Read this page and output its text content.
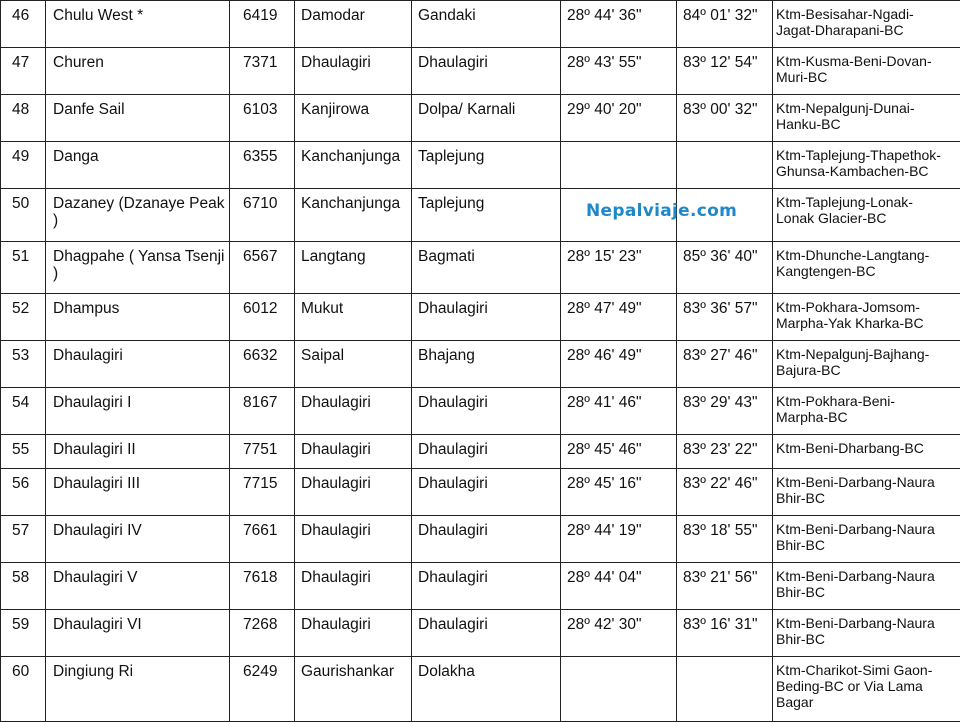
46	Chulu West *	6419	Damodar	Gandaki	28º 44' 36"	84º 01' 32"	Ktm-Besisahar-Ngadi-
Jagat-Dharapani-BC

47	Churen	7371	Dhaulagiri	Dhaulagiri	28º 43' 55"	83º 12' 54"	Ktm-Kusma-Beni-Dovan-
Muri-BC

48	Danfe Sail	6103	Kanjirowa	Dolpa/ Karnali	29º 40' 20"	83º 00' 32"	Ktm-Nepalgunj-Dunai-
Hanku-BC

49	Danga	6355	Kanchanjunga	Taplejung			Ktm-Taplejung-Thapethok-
Ghunsa-Kambachen-BC

50	Dazaney (Dzanaye Peak )	6710	Kanchanjunga	Taplejung			Ktm-Taplejung-Lonak-
Lonak Glacier-BC

51	Dhagpahe ( Yansa Tsenji )	6567	Langtang	Bagmati	28º 15' 23"	85º 36' 40"	Ktm-Dhunche-Langtang-
Kangtengen-BC

52	Dhampus	6012	Mukut	Dhaulagiri	28º 47' 49"	83º 36' 57"	Ktm-Pokhara-Jomsom-
Marpha-Yak Kharka-BC

53	Dhaulagiri	6632	Saipal	Bhajang	28º 46' 49"	83º 27' 46"	Ktm-Nepalgunj-Bajhang-
Bajura-BC

54	Dhaulagiri I	8167	Dhaulagiri	Dhaulagiri	28º 41' 46"	83º 29' 43"	Ktm-Pokhara-Beni-
Marpha-BC

55	Dhaulagiri II	7751	Dhaulagiri	Dhaulagiri	28º 45' 46"	83º 23' 22"	Ktm-Beni-Dharbang-BC

56	Dhaulagiri III	7715	Dhaulagiri	Dhaulagiri	28º 45' 16"	83º 22' 46"	Ktm-Beni-Darbang-Naura
Bhir-BC

57	Dhaulagiri IV	7661	Dhaulagiri	Dhaulagiri	28º 44' 19"	83º 18' 55"	Ktm-Beni-Darbang-Naura
Bhir-BC

58	Dhaulagiri V	7618	Dhaulagiri	Dhaulagiri	28º 44' 04"	83º 21' 56"	Ktm-Beni-Darbang-Naura
Bhir-BC

59	Dhaulagiri VI	7268	Dhaulagiri	Dhaulagiri	28º 42' 30"	83º 16' 31"	Ktm-Beni-Darbang-Naura
Bhir-BC

60	Dingiung Ri	6249	Gaurishankar	Dolakha			Ktm-Charikot-Simi Gaon-
Beding-BC or Via Lama
Bagar
Nepalviaje.com
